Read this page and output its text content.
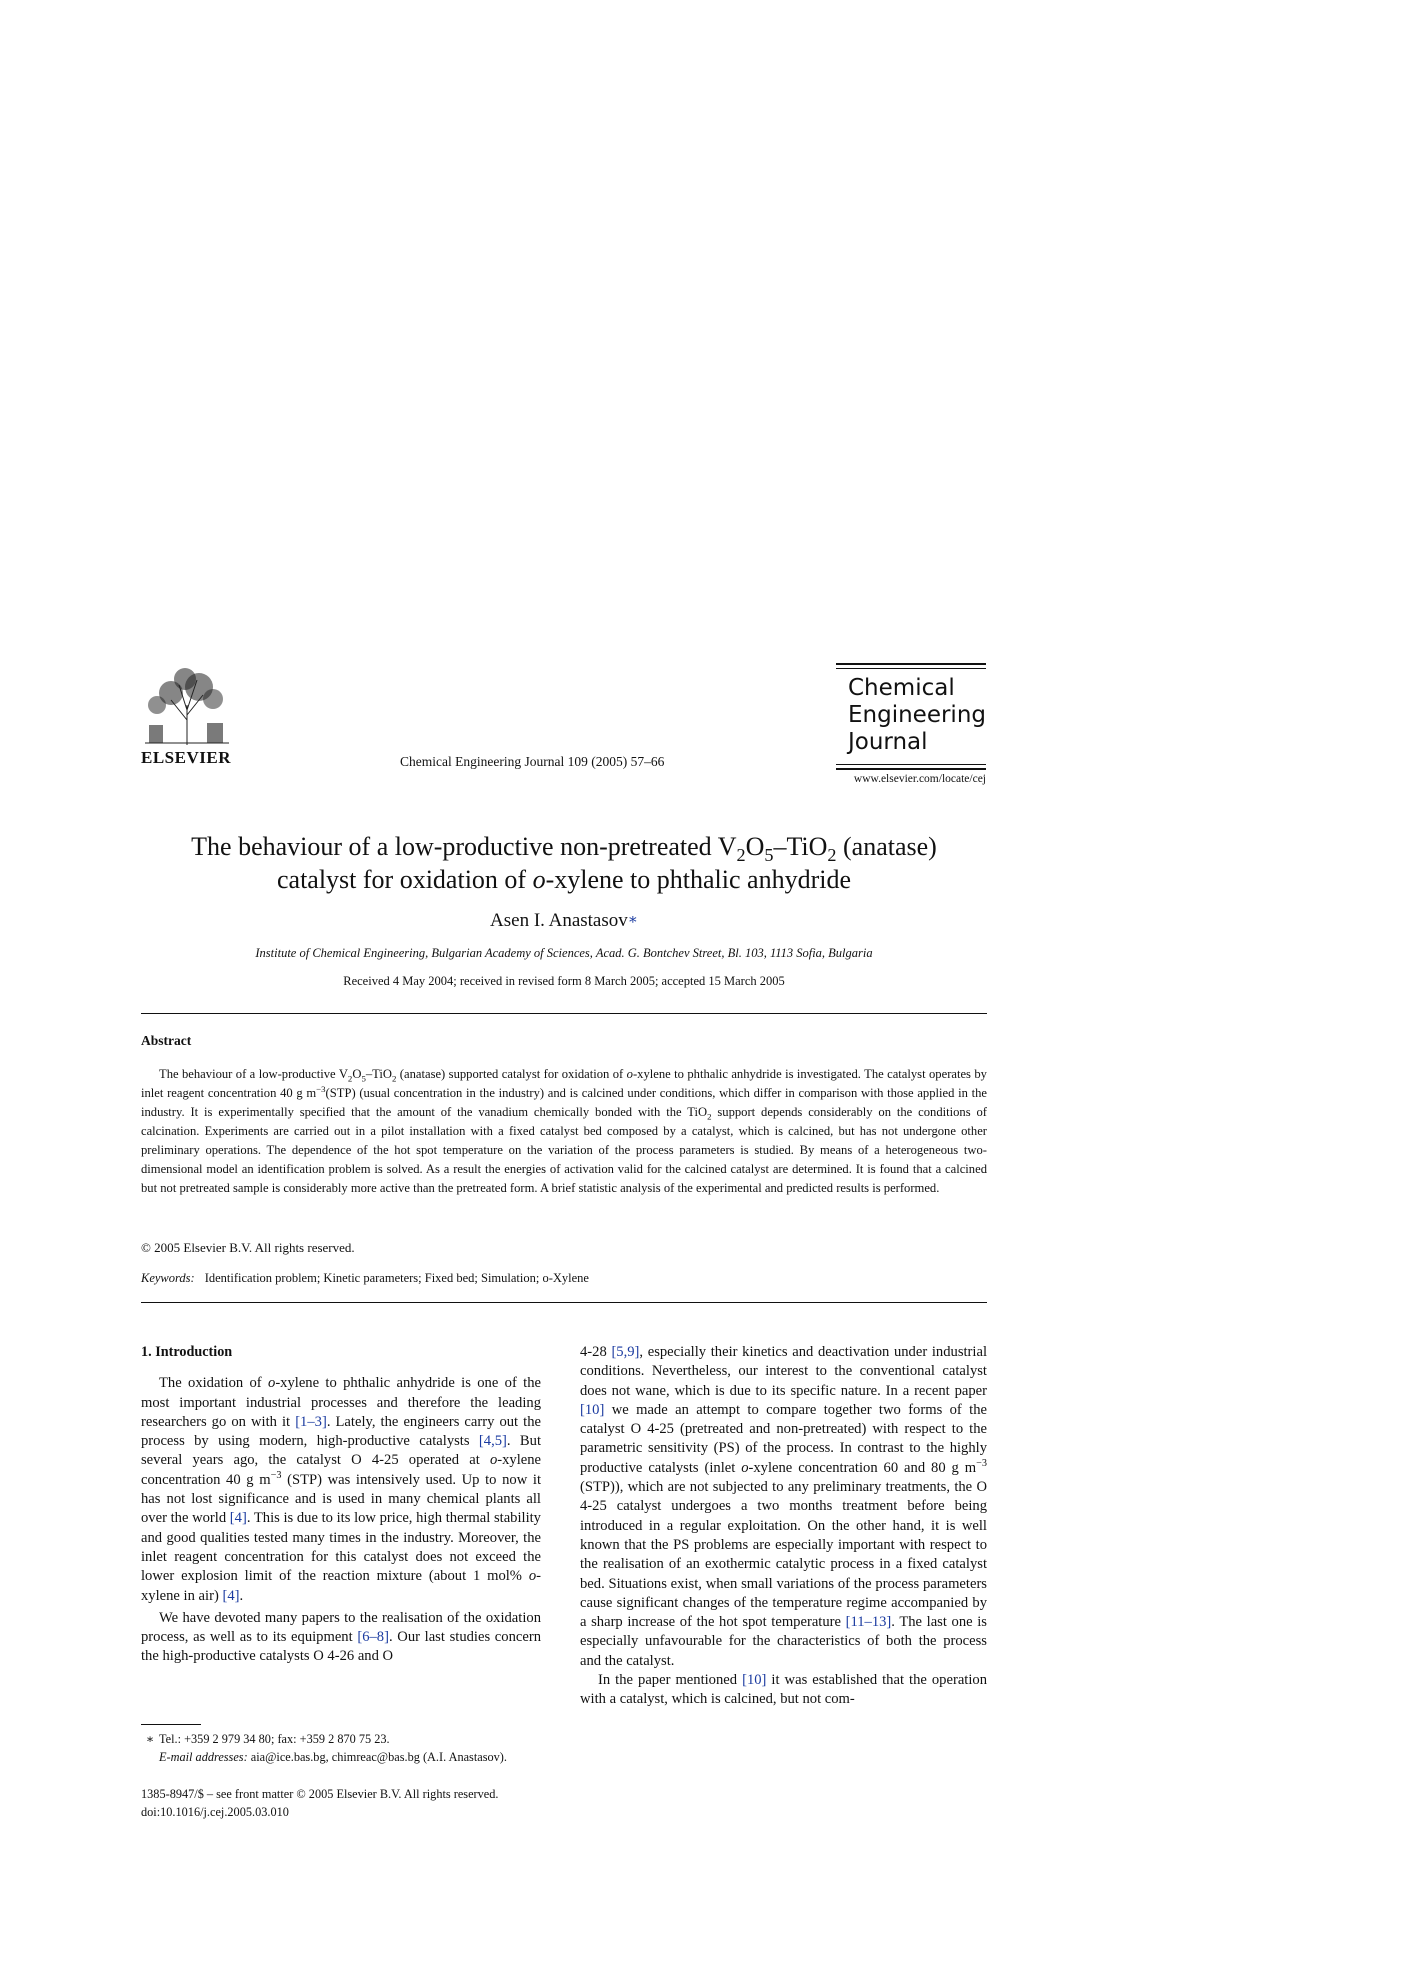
ELSEVIER	Chemical Engineering Journal 109 (2005) 57–66
Chemical
Engineering
Journal
www.elsevier.com/locate/cej
The behaviour of a low-productive non-pretreated $V_2O_5-TiO_2$ (anatase)
catalyst for oxidation of o-xylene to phthalic anhydride
Asen I. Anastasov∗
Institute of Chemical Engineering, Bulgarian Academy of Sciences, Acad. G. Bontchev Street, Bl. 103, 1113 Sofia, Bulgaria
Received 4 May 2004; received in revised form 8 March 2005; accepted 15 March 2005
Abstract
The behaviour of a low-productive $V_2O_5-TiO_2$ (anatase) supported catalyst for oxidation of o-xylene to phthalic anhydride is investigated. The catalyst operates by inlet reagent concentration 40 g $m^{-3}(STP)$ (usual concentration in the industry) and is calcined under conditions, which differ in comparison with those applied in the industry. It is experimentally specified that the amount of the vanadium chemically bonded with the TiO$_2$ support depends considerably on the conditions of calcination. Experiments are carried out in a pilot installation with a fixed catalyst bed composed by a catalyst, which is calcined, but has not undergone other preliminary operations. The dependence of the hot spot temperature on the variation of the process parameters is studied. By means of a heterogeneous two-dimensional model an identification problem is solved. As a result the energies of activation valid for the calcined catalyst are determined. It is found that a calcined but not pretreated sample is considerably more active than the pretreated form. A brief statistic analysis of the experimental and predicted results is performed.
© 2005 Elsevier B.V. All rights reserved.
Keywords: Identification problem; Kinetic parameters; Fixed bed; Simulation; o-Xylene
1. Introduction

The oxidation of o-xylene to phthalic anhydride is one of the most important industrial processes and therefore the leading researchers go on with it [1–3]. Lately, the engineers carry out the process by using modern, high-productive catalysts [4,5]. But several years ago, the catalyst O 4-25 operated at o-xylene concentration 40 g $m^{-3}$ (STP) was intensively used. Up to now it has not lost significance and is used in many chemical plants all over the world [4]. This is due to its low price, high thermal stability and good qualities tested many times in the industry. Moreover, the inlet reagent concentration for this catalyst does not exceed the lower explosion limit of the reaction mixture (about 1 mol% o-xylene in air) [4].

We have devoted many papers to the realisation of the oxidation process, as well as to its equipment [6–8]. Our last studies concern the high-productive catalysts O 4-26 and O

4-28 [5,9], especially their kinetics and deactivation under industrial conditions. Nevertheless, our interest to the conventional catalyst does not wane, which is due to its specific nature. In a recent paper [10] we made an attempt to compare together two forms of the catalyst O 4-25 (pretreated and non-pretreated) with respect to the parametric sensitivity (PS) of the process. In contrast to the highly productive catalysts (inlet o-xylene concentration 60 and 80 g $m^{-3}$ (STP)), which are not subjected to any preliminary treatments, the O 4-25 catalyst undergoes a two months treatment before being introduced in a regular exploitation. On the other hand, it is well known that the PS problems are especially important with respect to the realisation of an exothermic catalytic process in a fixed catalyst bed. Situations exist, when small variations of the process parameters cause significant changes of the temperature regime accompanied by a sharp increase of the hot spot temperature [11–13]. The last one is especially unfavourable for the characteristics of both the process and the catalyst.

In the paper mentioned [10] it was established that the operation with a catalyst, which is calcined, but not com-

∗ Tel.: +359 2 979 34 80; fax: +359 2 870 75 23.
E-mail addresses: aia@ice.bas.bg, chimreac@bas.bg (A.I. Anastasov).
1385-8947/$ – see front matter © 2005 Elsevier B.V. All rights reserved.
doi:10.1016/j.cej.2005.03.010
